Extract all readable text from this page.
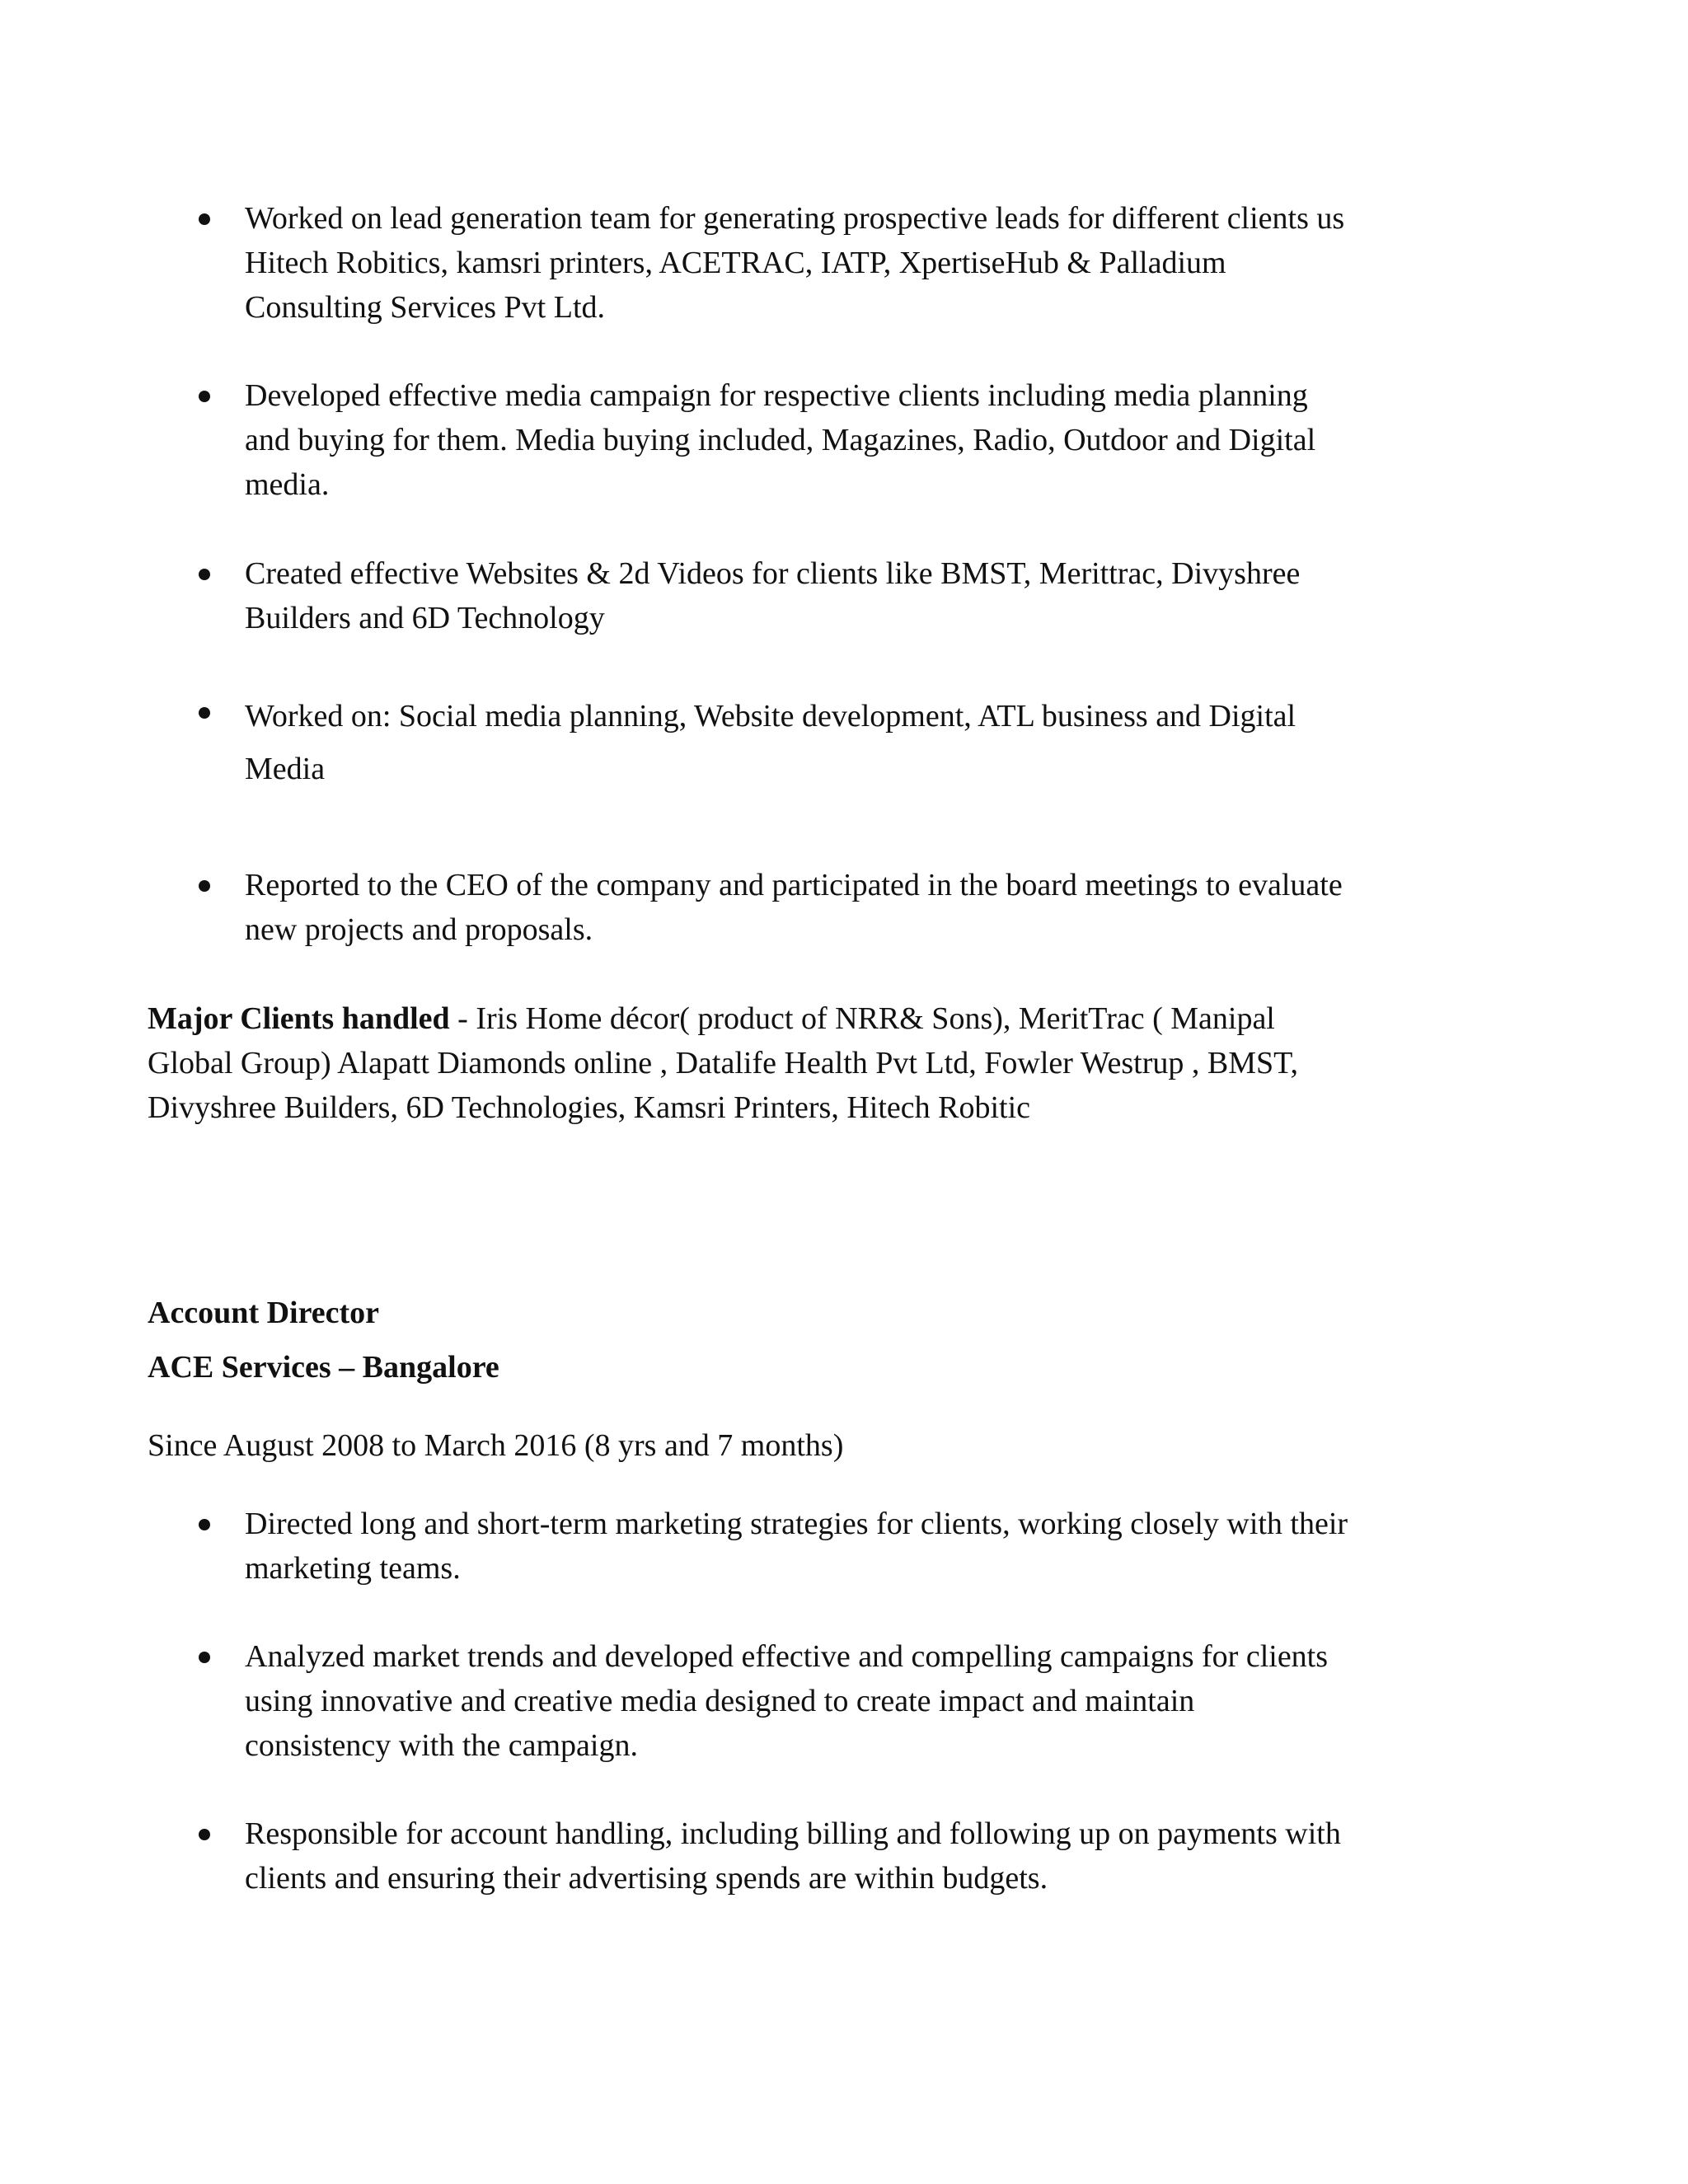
Worked on lead generation team for generating prospective leads for different clients us
Hitech Robitics, kamsri printers, ACETRAC, IATP, XpertiseHub & Palladium
Consulting Services Pvt Ltd.
Developed effective media campaign for respective clients including media planning
and buying for them. Media buying included, Magazines, Radio, Outdoor and Digital
media.
Created effective Websites & 2d Videos for clients like BMST, Merittrac, Divyshree
Builders and 6D Technology
Worked on: Social media planning, Website development, ATL business and Digital
Media
Reported to the CEO of the company and participated in the board meetings to evaluate
new projects and proposals.
Major Clients handled - Iris Home décor( product of NRR& Sons), MeritTrac ( Manipal
Global Group) Alapatt Diamonds online , Datalife Health Pvt Ltd, Fowler Westrup , BMST,
Divyshree Builders, 6D Technologies, Kamsri Printers, Hitech Robitic
Account Director
ACE Services – Bangalore
Since August 2008 to March 2016 (8 yrs and 7 months)
Directed long and short-term marketing strategies for clients, working closely with their
marketing teams.
Analyzed market trends and developed effective and compelling campaigns for clients
using innovative and creative media designed to create impact and maintain
consistency with the campaign.
Responsible for account handling, including billing and following up on payments with
clients and ensuring their advertising spends are within budgets.
